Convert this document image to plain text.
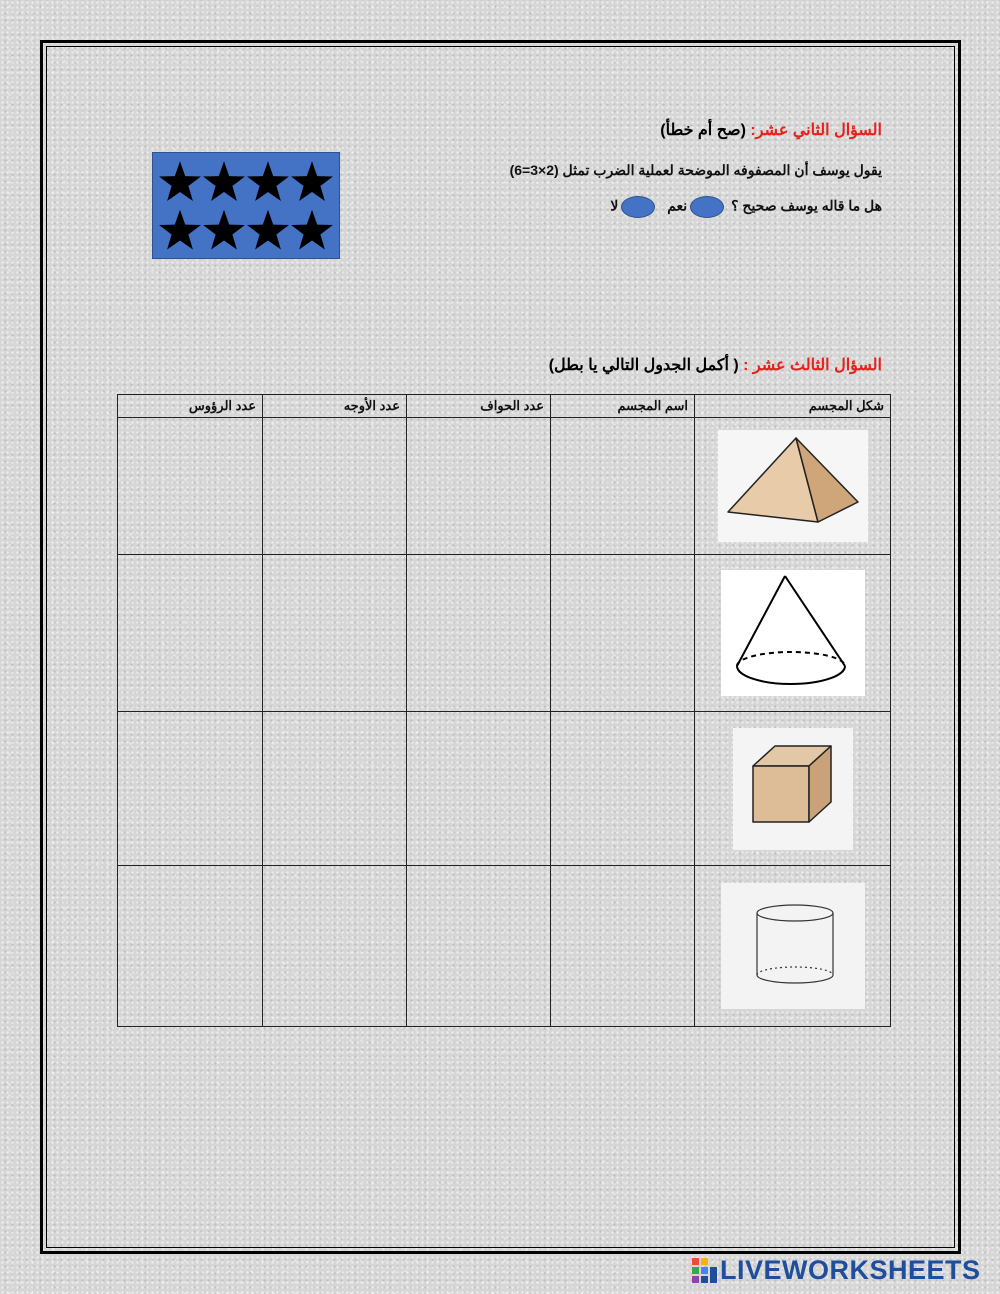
السؤال الثاني عشر: (صح أم خطأ)
يقول يوسف أن المصفوفه الموضحة لعملية الضرب تمثل (2×3=6)
هل ما قاله يوسف صحيح ؟ نعم لا
السؤال الثالث عشر : ( أكمل الجدول التالي يا بطل)
شكل المجسم	اسم المجسم	عدد الحواف	عدد الأوجه	عدد الرؤوس

LIVEWORKSHEETS
